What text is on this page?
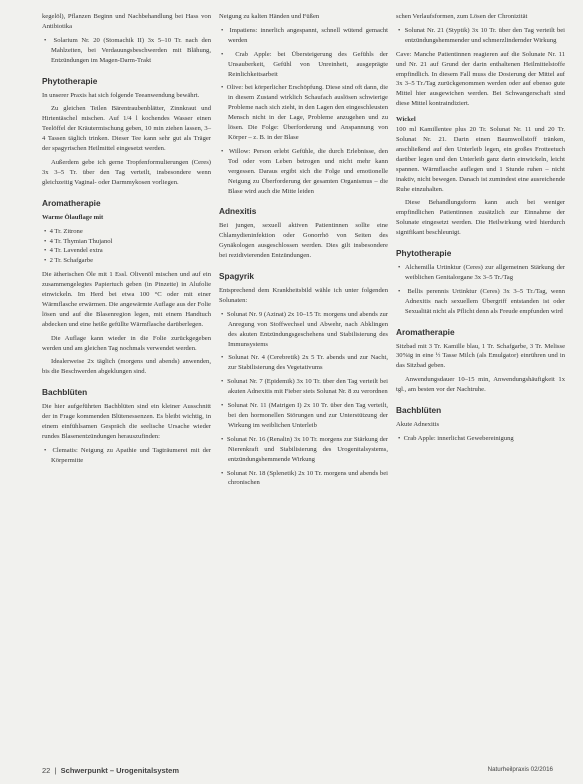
kegelöl), Pflanzen Beginn und Nachbehandlung bei Hass von Antibiotika

•  Solarium Nr. 20 (Stomachik II) 3x 5–10 Tr. nach den Mahlzeiten, bei Verdauungsbeschwerden mit Blähung, Entzündungen im Magen-Darm-Trakt

Phytotherapie

In unserer Praxis hat sich folgende Teeanwendung bewährt.

Zu gleichen Teilen Bärentraubenblätter, Zinnkraut und Hirtentäschel mischen. Auf 1/4 l kochendes Wasser einen Teelöffel der Kräutermischung geben, 10 min ziehen lassen, 3–4 Tassen täglich trinken. Dieser Tee kann sehr gut als Träger der spagyrischen Heilmittel eingesetzt werden.

Außerdem gebe ich gerne Tropfenformulierungen (Ceres) 3x 3–5 Tr. über den Tag verteilt, insbesondere wenn gleichzeitig Vaginal- oder Darmmykosen vorliegen.

Aromatherapie

Warme Ölauflage mit

•  4 Tr. Zitrone

•  4 Tr. Thymian Thujanol

•  4 Tr. Lavendel extra

•  2 Tr. Schafgarbe

Die ätherischen Öle mit 1 Essl. Olivenöl mischen und auf ein zusammengelegtes Papiertuch geben (in Pinzette) in Alufolie einwickeln. Im Herd bei etwa 100 °C oder mit einer Wärmflasche erwärmen. Die angewärmte Auflage aus der Folie lösen und auf die Blasenregion legen, mit einem Handtuch abdecken und eine heiße gefüllte Wärmflasche darüberlegen.

Die Auflage kann wieder in die Folie zurückgegeben werden und am gleichen Tag nochmals verwendet werden.

Idealerweise 2x täglich (morgens und abends) anwenden, bis die Beschwerden abgeklungen sind.

Bachblüten

Die hier aufgeführten Bachblüten sind ein kleiner Ausschnitt der in Frage kommenden Blütenessenzen. Es bleibt wichtig, in einem einfühlsamen Gespräch die seelische Ursache wieder rundes Blasenentzündungen herauszufinden:

•  Clematis: Neigung zu Apathie und Tagträumerei mit der Körpermitte

Neigung zu kalten Händen und Füßen

•  Impatiens: innerlich angespannt, schnell wütend gemacht werden

•  Crab Apple: bei Übersteigerung des Gefühls der Unsauberkeit, Gefühl von Unreinheit, ausgeprägte Reinlichkeitsarbeit

•  Olive: bei körperlicher Erschöpfung. Diese sind oft dann, die in diesem Zustand wirklich Schaufach auslösen schwierige Probleme nach sich zieht, in den Lagen den eingeschleusten Mensch nicht in der Lage, Probleme anzugehen und zu lösen. Die Folge: Überforderung und Anspannung von Körper – z. B. in der Blase

•  Willow: Person erlebt Gefühle, die durch Erlebnisse, den Tod oder vom Leben betrogen und nicht mehr kann vergessen. Daraus ergibt sich die Folge und emotionelle Neigung zu Überforderung der gesamten Organismus – die Blase wird auch die Mitte leiden

Adnexitis

Bei jungen, sexuell aktiven Patientinnen sollte eine Chlamydieninfektion oder Gonorrhö von Seiten des Gynäkologen ausgeschlossen werden. Dies gilt insbesondere bei rezidivierenden Entzündungen.

Spagyrik

Entsprechend dem Krankheitsbild wähle ich unter folgenden Solunaten:

•  Solunat Nr. 9 (Azinat) 2x 10–15 Tr. morgens und abends zur Anregung von Stoffwechsel und Abwehr, nach Abklingen des akuten Entzündungsgeschehens und Stabilisierung des Immunsystems

•  Solunat Nr. 4 (Cerebretik) 2x 5 Tr. abends und zur Nacht, zur Stabilisierung des Vegetativums

•  Solunat Nr. 7 (Epidemik) 3x 10 Tr. über den Tag verteilt bei akuten Adnexitis mit Fieber stets Solunat Nr. 8 zu verordnen

•  Solunat Nr. 11 (Matrigen I) 2x 10 Tr. über den Tag verteilt, bei den hormonellen Störungen und zur Unterstützung der Wirkung im weiblichen Unterleib

•  Solunat Nr. 16 (Renalin) 3x 10 Tr. morgens zur Stärkung der Nierenkraft und Stabilisierung des Urogenitalsystems, entzündungshemmende Wirkung

•  Solunat Nr. 18 (Splenetik) 2x 10 Tr. morgens und abends bei chronischen

schen Verlaufsformen, zum Lösen der Chronizität

•  Solunat Nr. 21 (Styptik) 3x 10 Tr. über den Tag verteilt bei entzündungshemmender und schmerzlindernder Wirkung

Cave: Manche Patientinnen reagieren auf die Solunate Nr. 11 und Nr. 21 auf Grund der darin enthaltenen Heilmittelstoffe empfindlich. In diesem Fall muss die Dosierung der Mittel auf 3x 3–5 Tr./Tag zurückgenommen werden oder auf ebenso gute Mittel hier ausgewichen werden. Bei Schwangerschaft sind diese Mittel kontraindiziert.

Wickel

100 ml Kamillentee plus 20 Tr. Solunat Nr. 11 und 20 Tr. Solunat Nr. 21. Darin einen Baumwollstoff tränken, anschließend auf den Unterleib legen, ein großes Frotteetuch darüber legen und den Unterleib ganz darin einwickeln, leicht spannen. Wärmflasche auflegen und 1 Stunde ruhen – nicht inaktiv, nicht bewegen. Danach ist zumindest eine ausreichende Ruhe einzuhalten.

Diese Behandlungsform kann auch bei weniger empfindlichen Patientinnen zusätzlich zur Einnahme der Solunate eingesetzt werden. Die Heilwirkung wird hierdurch signifikant beschleunigt.

Phytotherapie

•  Alchemilla Urtinktur (Ceres) zur allgemeinen Stärkung der weiblichen Genitalorgane 3x 3–5 Tr./Tag

•  Bellis perennis Urtinktur (Ceres) 3x 3–5 Tr./Tag, wenn Adnexitis nach sexuellem Übergriff entstanden ist oder Sexualität nicht als Pflicht denn als Freude empfunden wird

Aromatherapie

Sitzbad mit 3 Tr. Kamille blau, 1 Tr. Schafgarbe, 3 Tr. Melisse 30%ig in eine ½ Tasse Milch (als Emulgator) einrühren und in das Sitzbad geben.

Anwendungsdauer 10–15 min, Anwendungshäufigkeit 1x tgl., am besten vor der Nachtruhe.

Bachblüten

Akute Adnexitis

•  Crab Apple: innerlichst Gewebereinigung

22  |  Schwerpunkt – Urogenitalsystem	Naturheilpraxis 02/2016
